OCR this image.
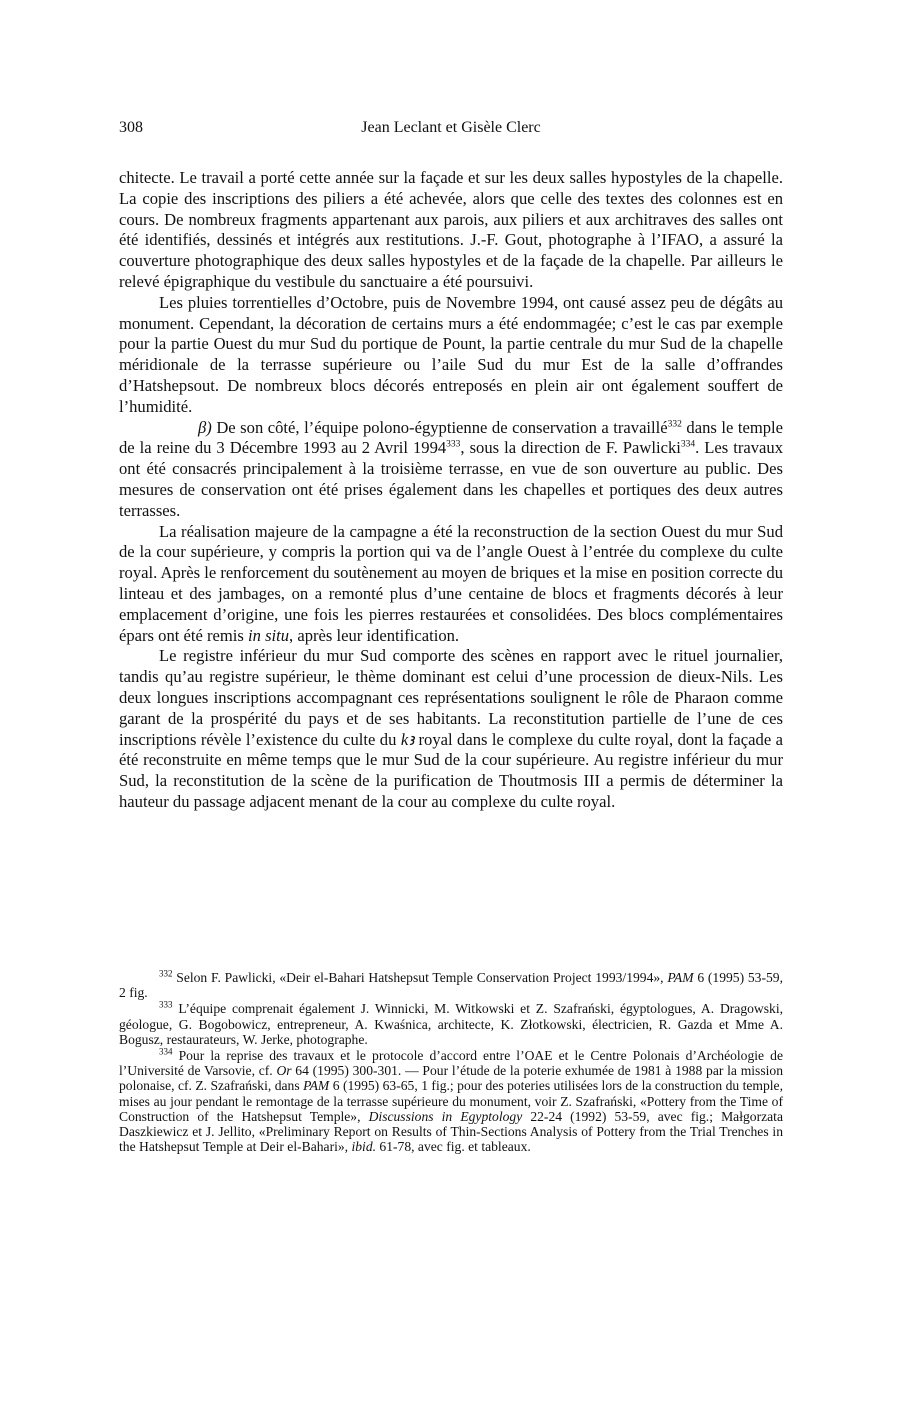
308	Jean Leclant et Gisèle Clerc

chitecte. Le travail a porté cette année sur la façade et sur les deux salles hypostyles de la chapelle. La copie des inscriptions des piliers a été achevée, alors que celle des textes des colonnes est en cours. De nombreux fragments appartenant aux parois, aux piliers et aux architraves des salles ont été identifiés, dessinés et intégrés aux restitutions. J.-F. Gout, photographe à l’IFAO, a assuré la couverture photographique des deux salles hypostyles et de la façade de la chapelle. Par ailleurs le relevé épigraphique du vestibule du sanctuaire a été poursuivi.

Les pluies torrentielles d’Octobre, puis de Novembre 1994, ont causé assez peu de dégâts au monument. Cependant, la décoration de certains murs a été endommagée; c’est le cas par exemple pour la partie Ouest du mur Sud du portique de Pount, la partie centrale du mur Sud de la chapelle méridionale de la terrasse supérieure ou l’aile Sud du mur Est de la salle d’offrandes d’Hatshepsout. De nombreux blocs décorés entreposés en plein air ont également souffert de l’humidité.

β) De son côté, l’équipe polono-égyptienne de conservation a travaillé$^{332}$ dans le temple de la reine du 3 Décembre 1993 au 2 Avril 1994$^{333}$, sous la direction de F. Pawlicki$^{334}$. Les travaux ont été consacrés principalement à la troisième terrasse, en vue de son ouverture au public. Des mesures de conservation ont été prises également dans les chapelles et portiques des deux autres terrasses.

La réalisation majeure de la campagne a été la reconstruction de la section Ouest du mur Sud de la cour supérieure, y compris la portion qui va de l’angle Ouest à l’entrée du complexe du culte royal. Après le renforcement du soutènement au moyen de briques et la mise en position correcte du linteau et des jambages, on a remonté plus d’une centaine de blocs et fragments décorés à leur emplacement d’origine, une fois les pierres restaurées et consolidées. Des blocs complémentaires épars ont été remis in situ, après leur identification.

Le registre inférieur du mur Sud comporte des scènes en rapport avec le rituel journalier, tandis qu’au registre supérieur, le thème dominant est celui d’une procession de dieux-Nils. Les deux longues inscriptions accompagnant ces représentations soulignent le rôle de Pharaon comme garant de la prospérité du pays et de ses habitants. La reconstitution partielle de l’une de ces inscriptions révèle l’existence du culte du kꜣ royal dans le complexe du culte royal, dont la façade a été reconstruite en même temps que le mur Sud de la cour supérieure. Au registre inférieur du mur Sud, la reconstitution de la scène de la purification de Thoutmosis III a permis de déterminer la hauteur du passage adjacent menant de la cour au complexe du culte royal.

$^{332}$ Selon F. Pawlicki, «Deir el-Bahari Hatshepsut Temple Conservation Project 1993/1994», PAM 6 (1995) 53-59, 2 fig.

$^{333}$ L’équipe comprenait également J. Winnicki, M. Witkowski et Z. Szafrański, égyptologues, A. Dragowski, géologue, G. Bogobowicz, entrepreneur, A. Kwaśnica, architecte, K. Złotkowski, électricien, R. Gazda et Mme A. Bogusz, restaurateurs, W. Jerke, photographe.

$^{334}$ Pour la reprise des travaux et le protocole d’accord entre l’OAE et le Centre Polonais d’Archéologie de l’Université de Varsovie, cf. Or 64 (1995) 300-301. — Pour l’étude de la poterie exhumée de 1981 à 1988 par la mission polonaise, cf. Z. Szafrański, dans PAM 6 (1995) 63-65, 1 fig.; pour des poteries utilisées lors de la construction du temple, mises au jour pendant le remontage de la terrasse supérieure du monument, voir Z. Szafrański, «Pottery from the Time of Construction of the Hatshepsut Temple», Discussions in Egyptology 22-24 (1992) 53-59, avec fig.; Małgorzata Daszkiewicz et J. Jellito, «Preliminary Report on Results of Thin-Sections Analysis of Pottery from the Trial Trenches in the Hatshepsut Temple at Deir el-Bahari», ibid. 61-78, avec fig. et tableaux.
